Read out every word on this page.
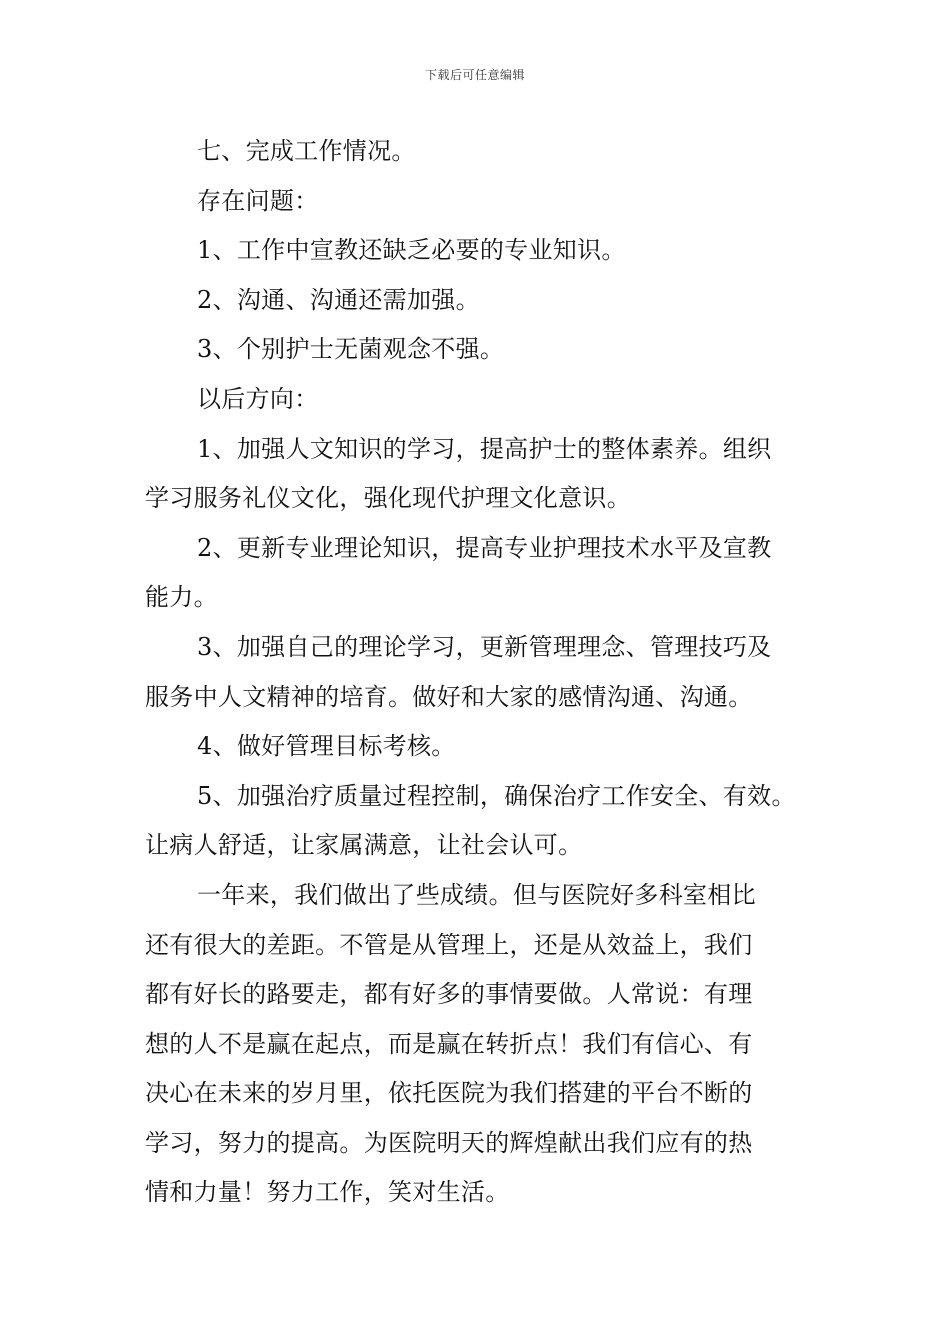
下载后可任意编辑
七、完成工作情况。
存在问题：
1、工作中宣教还缺乏必要的专业知识。
2、沟通、沟通还需加强。
3、个别护士无菌观念不强。
以后方向：
1、加强人文知识的学习，提高护士的整体素养。组织
学习服务礼仪文化，强化现代护理文化意识。
2、更新专业理论知识，提高专业护理技术水平及宣教
能力。
3、加强自己的理论学习，更新管理理念、管理技巧及
服务中人文精神的培育。做好和大家的感情沟通、沟通。
4、做好管理目标考核。
5、加强治疗质量过程控制，确保治疗工作安全、有效。
让病人舒适，让家属满意，让社会认可。
一年来，我们做出了些成绩。但与医院好多科室相比
还有很大的差距。不管是从管理上，还是从效益上，我们
都有好长的路要走，都有好多的事情要做。人常说：有理
想的人不是赢在起点，而是赢在转折点！我们有信心、有
决心在未来的岁月里，依托医院为我们搭建的平台不断的
学习，努力的提高。为医院明天的辉煌献出我们应有的热
情和力量！努力工作，笑对生活。
